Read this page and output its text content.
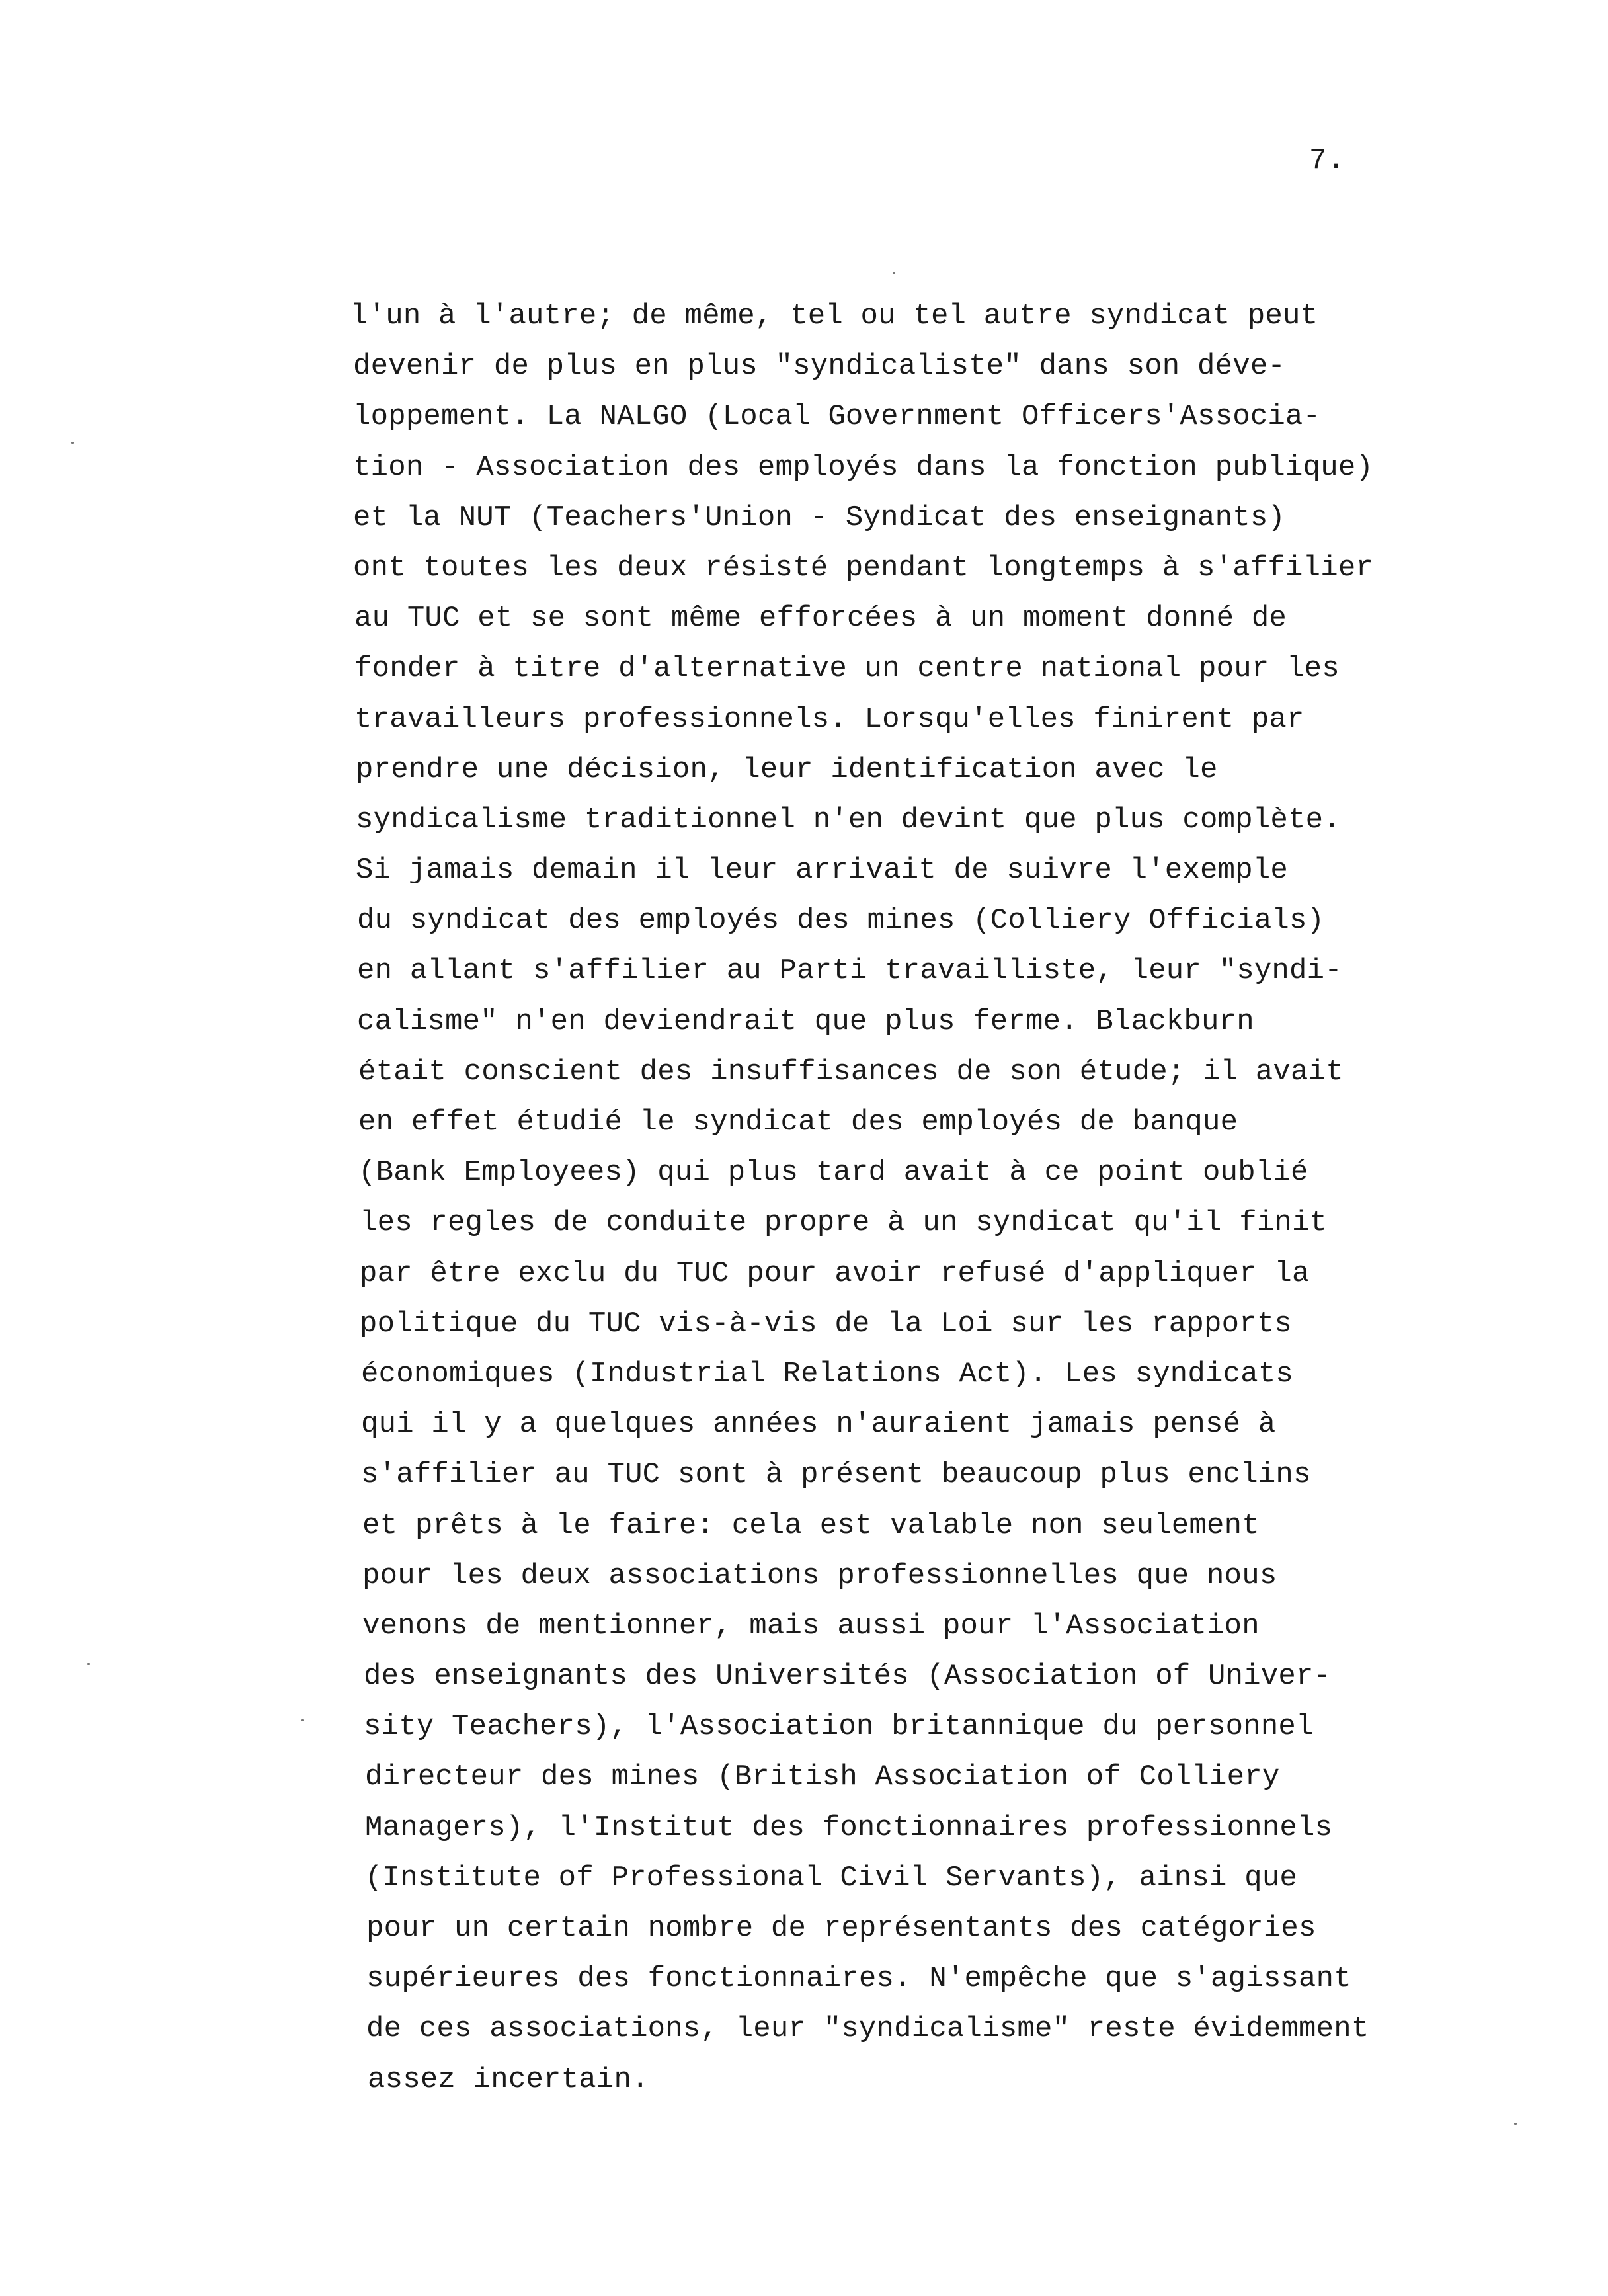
7.
l'un à l'autre; de même, tel ou tel autre syndicat peut
devenir de plus en plus "syndicaliste" dans son déve-
loppement. La NALGO (Local Government Officers'Associa-
tion - Association des employés dans la fonction publique)
et la NUT (Teachers'Union - Syndicat des enseignants)
ont toutes les deux résisté pendant longtemps à s'affilier
au TUC et se sont même efforcées à un moment donné de
fonder à titre d'alternative un centre national pour les
travailleurs professionnels. Lorsqu'elles finirent par
prendre une décision, leur identification avec le
syndicalisme traditionnel n'en devint que plus complète.
Si jamais demain il leur arrivait de suivre l'exemple
du syndicat des employés des mines (Colliery Officials)
en allant s'affilier au Parti travailliste, leur "syndi-
calisme" n'en deviendrait que plus ferme. Blackburn
était conscient des insuffisances de son étude; il avait
en effet étudié le syndicat des employés de banque
(Bank Employees) qui plus tard avait à ce point oublié
les regles de conduite propre à un syndicat qu'il finit
par être exclu du TUC pour avoir refusé d'appliquer la
politique du TUC vis-à-vis de la Loi sur les rapports
économiques (Industrial Relations Act). Les syndicats
qui il y a quelques années n'auraient jamais pensé à
s'affilier au TUC sont à présent beaucoup plus enclins
et prêts à le faire: cela est valable non seulement
pour les deux associations professionnelles que nous
venons de mentionner, mais aussi pour l'Association
des enseignants des Universités (Association of Univer-
sity Teachers), l'Association britannique du personnel
directeur des mines (British Association of Colliery
Managers), l'Institut des fonctionnaires professionnels
(Institute of Professional Civil Servants), ainsi que
pour un certain nombre de représentants des catégories
supérieures des fonctionnaires. N'empêche que s'agissant
de ces associations, leur "syndicalisme" reste évidemment
assez incertain.
